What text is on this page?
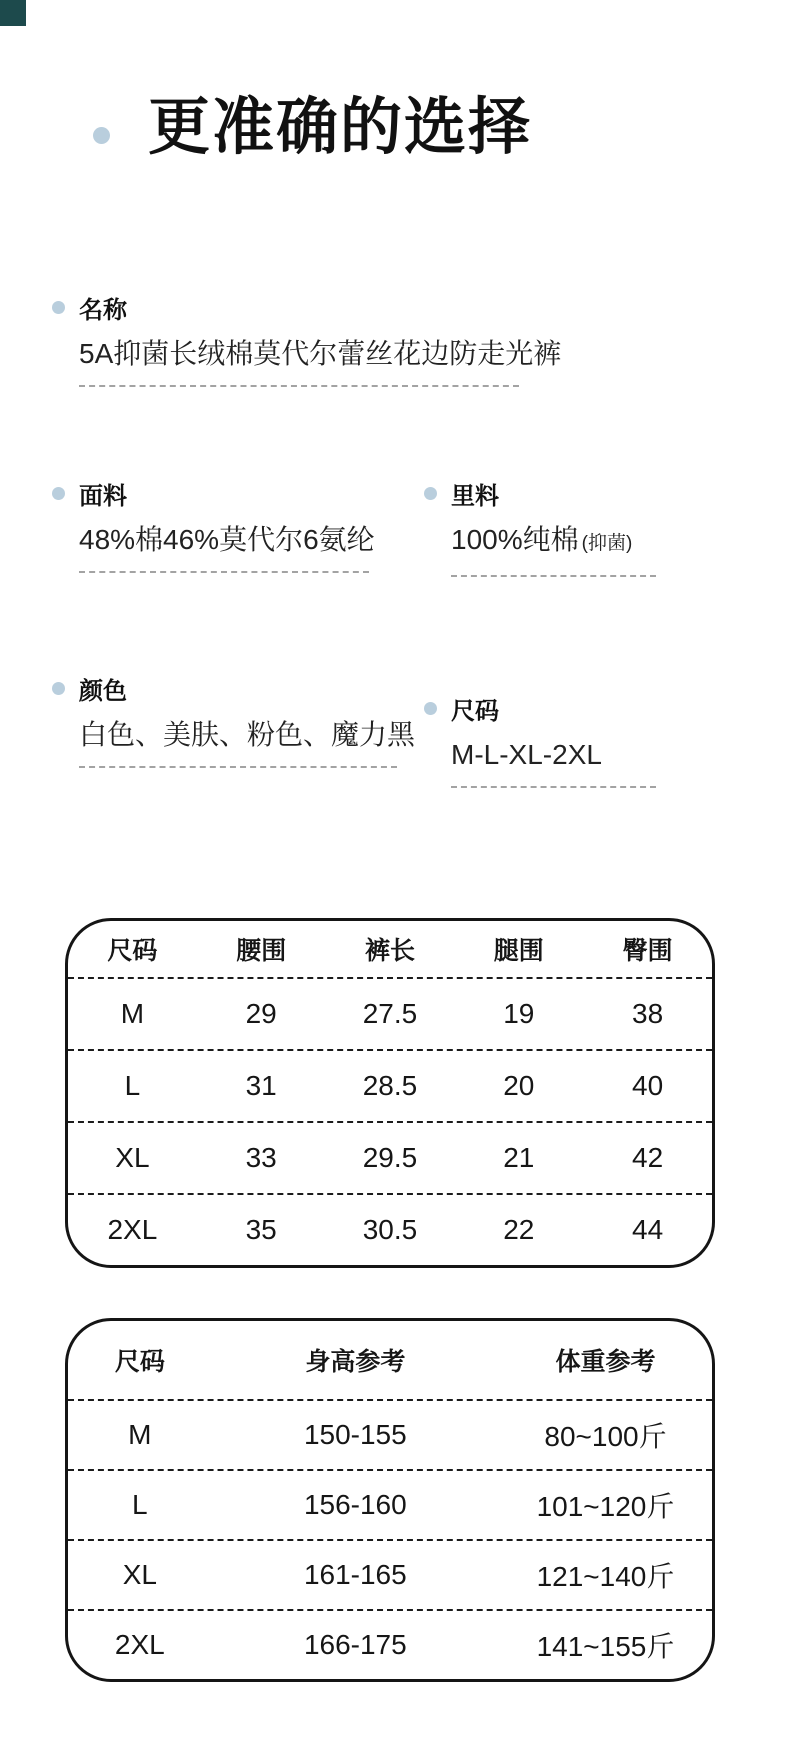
更准确的选择
名称
5A抑菌长绒棉莫代尔蕾丝花边防走光裤
面料
48%棉46%莫代尔6氨纶
里料
100%纯棉 (抑菌)
颜色
白色、美肤、粉色、魔力黑
尺码
M-L-XL-2XL
尺码	腰围	裤长	腿围	臀围
M	29	27.5	19	38
L	31	28.5	20	40
XL	33	29.5	21	42
2XL	35	30.5	22	44
尺码	身高参考	体重参考
M	150-155	80~100斤
L	156-160	101~120斤
XL	161-165	121~140斤
2XL	166-175	141~155斤
